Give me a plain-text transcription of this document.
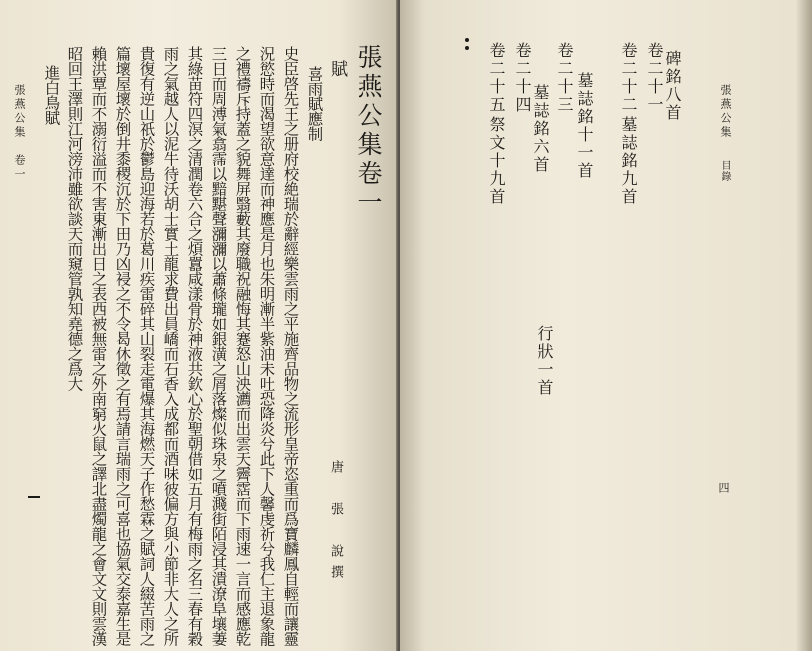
張燕公集　卷一
進白鳥賦 昭回王澤則江河滂沛雖欲談天而窺管孰知堯德之爲大 賴洪覃而不溺衍溢而不害東漸出日之表西被無雷之外南窮火鼠之譯北盡燭龍之會文文則雲漢 篇壞屋壞於倒井黍稷沉於下田乃凶祲之不令曷休徵之有焉請言瑞雨之可喜也協氣交泰嘉生是 貴復有逆山祇於鬱島迎海若於葛川疾雷碎其山裂走電爆其海燃天子作愁霖之賦詞人綴苦雨之 雨之氣越人以泥牛待沃胡士實土龍求費出員嶠而石香入成都而酒味彼偏方與小節非大人之所 其綠苗符四溟之清潤卷六合之煩囂咸漾骨於神液共欽心於聖朝借如五月有梅雨之名三春有穀 三日而周溥氣翕霈以黯黮聲瀰瀰以蕭條瓏如銀潢之屑落燦似珠泉之噴濺街陌浸其潰潦阜壤萋 之禮禱斥持蓋之貌舞屏翳藪其廢職祝融悔其蹇怒山泱瀳而出雲天霽霑而下雨速一言而感應乾 況慾時而渴望欲意達而神應是月也朱明漸半紫油未吐恐降炎兮此下人馨虔祈兮我仁主退象龍 史臣啓先王之册府校絶瑞於辭經樂雲雨之平施齊品物之流形皇帝恣重而爲寶麟鳳自輕而讓靈 喜雨賦應制 賦
唐　張　說撰
張燕公集卷一	卷二十五
祭文十九首
卷二十四
墓誌銘六首
卷二十三 墓誌銘十一首 卷二十二
墓誌銘九首
卷二十一 碑銘八首
行狀一首
張燕公集
目錄
四
